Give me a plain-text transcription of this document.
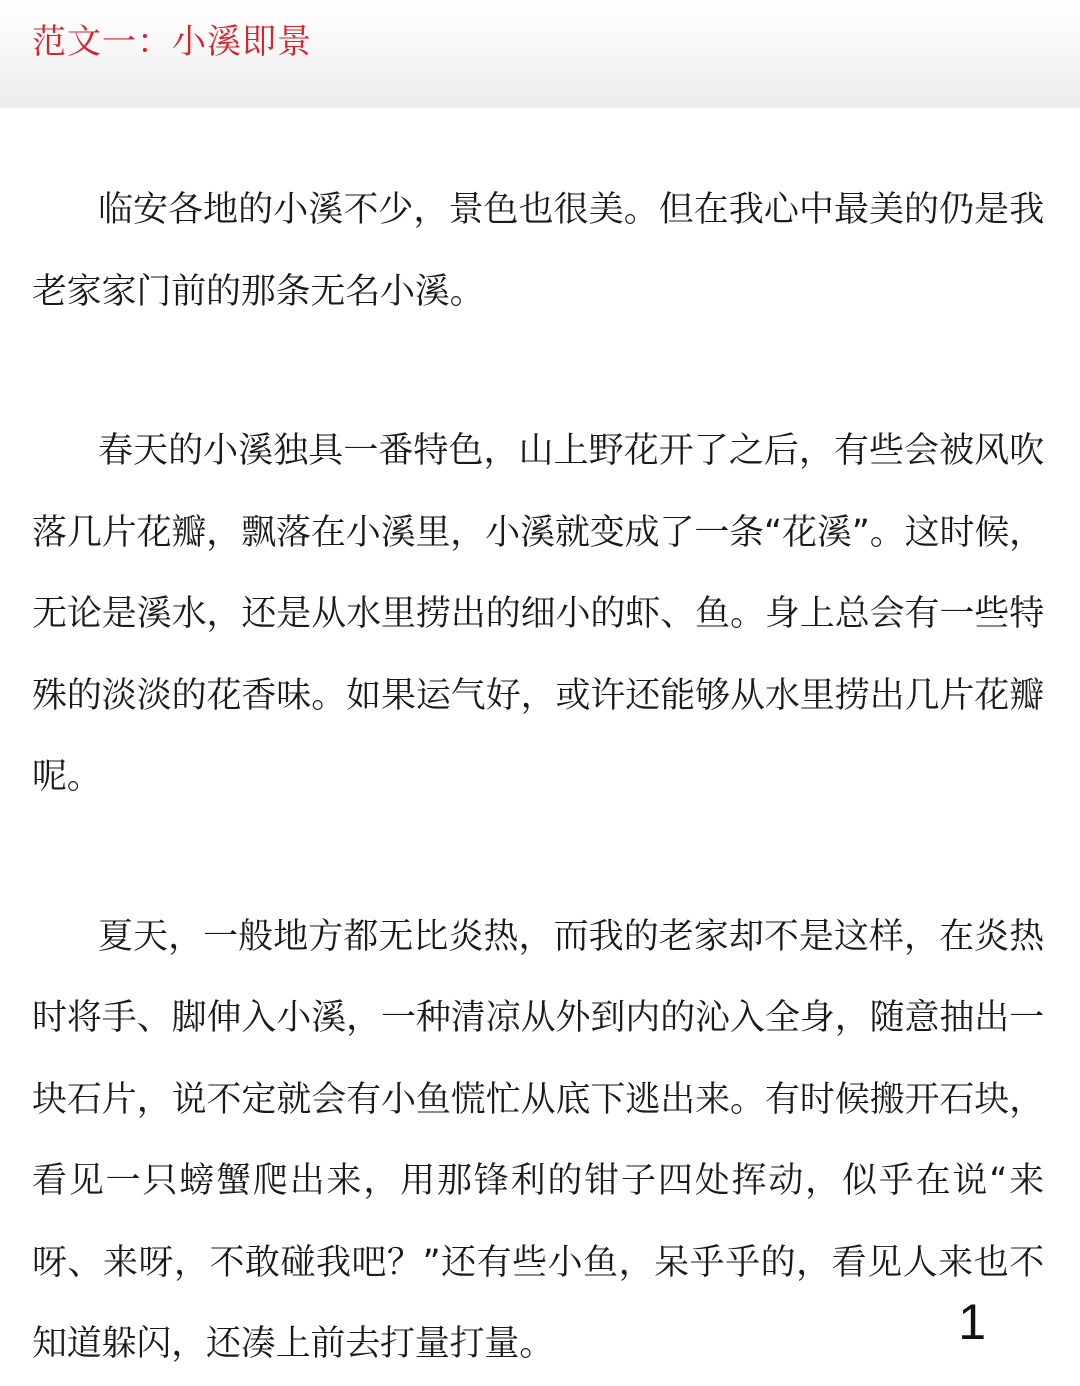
范文一：小溪即景

临安各地的小溪不少，景色也很美。但在我心中最美的仍是我老家家门前的那条无名小溪。

春天的小溪独具一番特色，山上野花开了之后，有些会被风吹落几片花瓣，飘落在小溪里，小溪就变成了一条“花溪”。这时候，无论是溪水，还是从水里捞出的细小的虾、鱼。身上总会有一些特殊的淡淡的花香味。如果运气好，或许还能够从水里捞出几片花瓣呢。

夏天，一般地方都无比炎热，而我的老家却不是这样，在炎热时将手、脚伸入小溪，一种清凉从外到内的沁入全身，随意抽出一块石片，说不定就会有小鱼慌忙从底下逃出来。有时候搬开石块，看见一只螃蟹爬出来，用那锋利的钳子四处挥动，似乎在说“来呀、来呀，不敢碰我吧？”还有些小鱼，呆乎乎的，看见人来也不知道躲闪，还凑上前去打量打量。	1
